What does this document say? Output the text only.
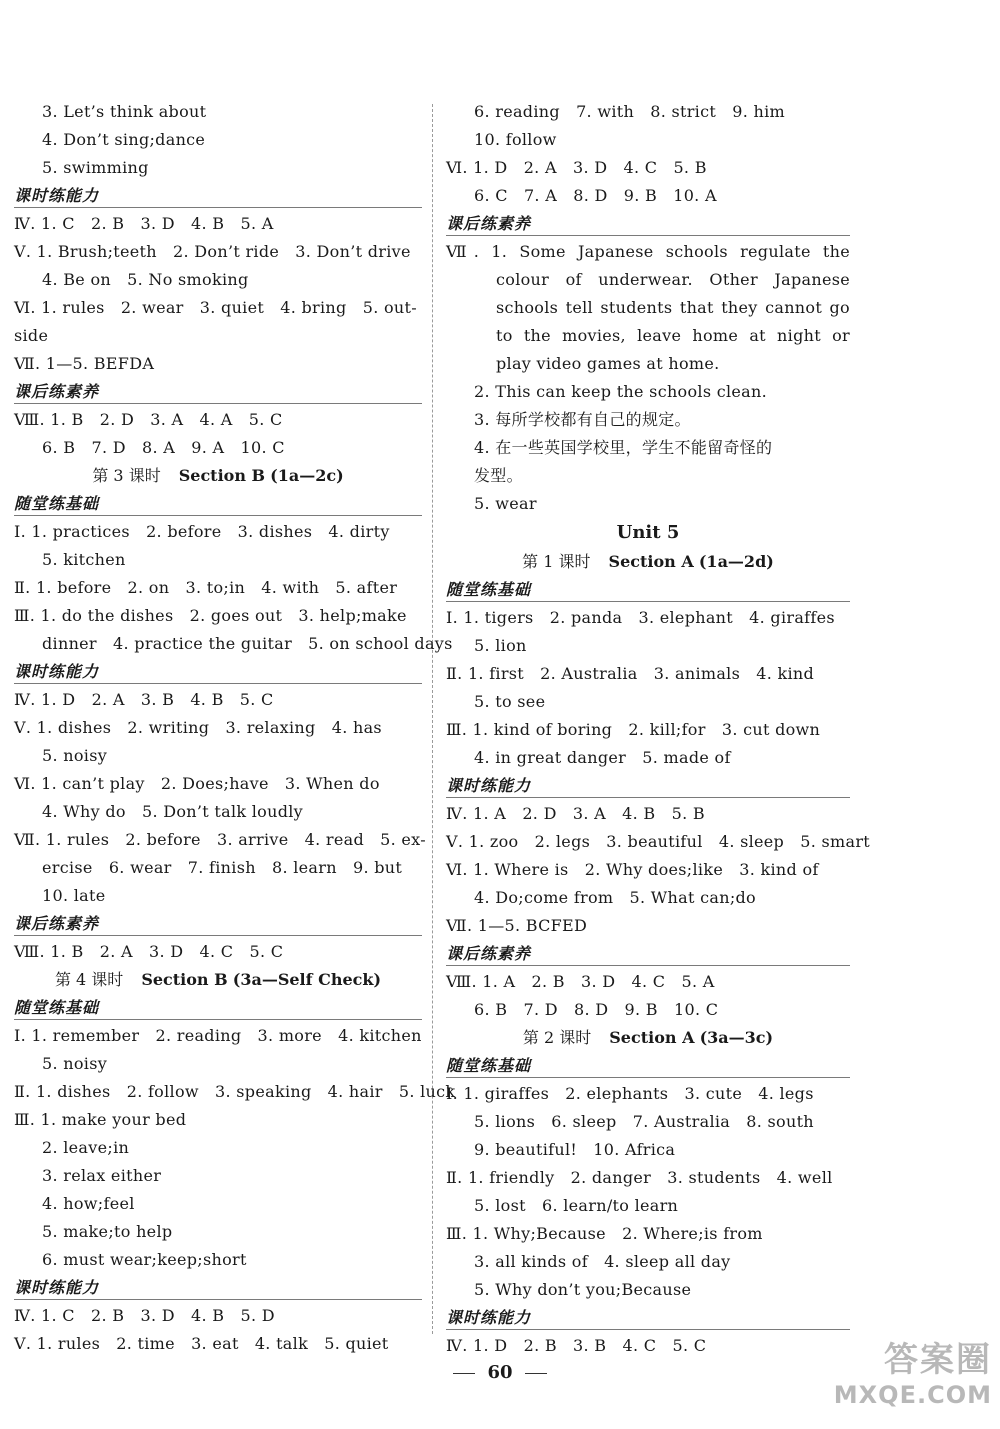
3. Let’s think about
4. Don’t sing;dance
5. swimming
课时练能力
Ⅳ. 1. C   2. B   3. D   4. B   5. A
Ⅴ. 1. Brush;teeth   2. Don’t ride   3. Don’t drive
4. Be on   5. No smoking
Ⅵ. 1. rules   2. wear   3. quiet   4. bring   5. out-
side
Ⅶ. 1—5. BEFDA
课后练素养
Ⅷ. 1. B   2. D   3. A   4. A   5. C
6. B   7. D   8. A   9. A   10. C
第 3 课时 Section B (1a—2c)
随堂练基础
Ⅰ. 1. practices   2. before   3. dishes   4. dirty
5. kitchen
Ⅱ. 1. before   2. on   3. to;in   4. with   5. after
Ⅲ. 1. do the dishes   2. goes out   3. help;make
dinner   4. practice the guitar   5. on school days
课时练能力
Ⅳ. 1. D   2. A   3. B   4. B   5. C
Ⅴ. 1. dishes   2. writing   3. relaxing   4. has
5. noisy
Ⅵ. 1. can’t play   2. Does;have   3. When do
4. Why do   5. Don’t talk loudly
Ⅶ. 1. rules   2. before   3. arrive   4. read   5. ex-
ercise   6. wear   7. finish   8. learn   9. but
10. late
课后练素养
Ⅷ. 1. B   2. A   3. D   4. C   5. C
第 4 课时 Section B (3a—Self Check)
随堂练基础
Ⅰ. 1. remember   2. reading   3. more   4. kitchen
5. noisy
Ⅱ. 1. dishes   2. follow   3. speaking   4. hair   5. luck
Ⅲ. 1. make your bed
2. leave;in
3. relax either
4. how;feel
5. make;to help
6. must wear;keep;short
课时练能力
Ⅳ. 1. C   2. B   3. D   4. B   5. D
Ⅴ. 1. rules   2. time   3. eat   4. talk   5. quiet
6. reading   7. with   8. strict   9. him
10. follow
Ⅵ. 1. D   2. A   3. D   4. C   5. B
6. C   7. A   8. D   9. B   10. A
课后练素养
Ⅶ. 1. Some Japanese schools regulate the colour of underwear. Other Japanese schools tell students that they cannot go to the movies, leave home at night or play video games at home.
2. This can keep the schools clean.
3. 每所学校都有自己的规定。
4. 在一些英国学校里，学生不能留奇怪的
发型。
5. wear
Unit 5
第 1 课时 Section A (1a—2d)
随堂练基础
Ⅰ. 1. tigers   2. panda   3. elephant   4. giraffes
5. lion
Ⅱ. 1. first   2. Australia   3. animals   4. kind
5. to see
Ⅲ. 1. kind of boring   2. kill;for   3. cut down
4. in great danger   5. made of
课时练能力
Ⅳ. 1. A   2. D   3. A   4. B   5. B
Ⅴ. 1. zoo   2. legs   3. beautiful   4. sleep   5. smart
Ⅵ. 1. Where is   2. Why does;like   3. kind of
4. Do;come from   5. What can;do
Ⅶ. 1—5. BCFED
课后练素养
Ⅷ. 1. A   2. B   3. D   4. C   5. A
6. B   7. D   8. D   9. B   10. C
第 2 课时 Section A (3a—3c)
随堂练基础
Ⅰ. 1. giraffes   2. elephants   3. cute   4. legs
5. lions   6. sleep   7. Australia   8. south
9. beautiful!   10. Africa
Ⅱ. 1. friendly   2. danger   3. students   4. well
5. lost   6. learn/to learn
Ⅲ. 1. Why;Because   2. Where;is from
3. all kinds of   4. sleep all day
5. Why don’t you;Because
课时练能力
Ⅳ. 1. D   2. B   3. B   4. C   5. C
60	答案圈
MXQE.COM
